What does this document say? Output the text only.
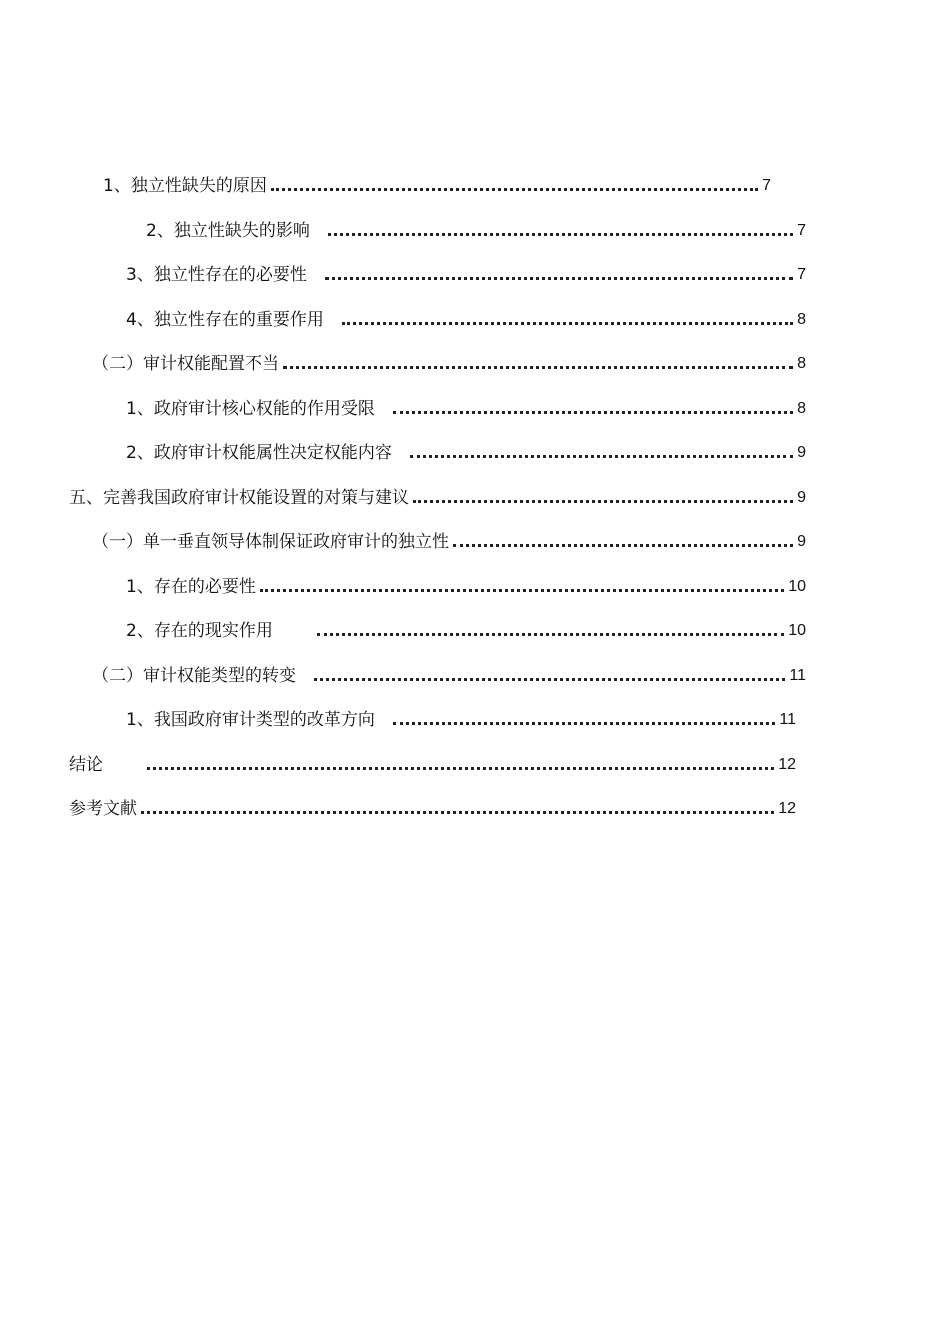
1、独立性缺失的原因	7
2、独立性缺失的影响	7
3、独立性存在的必要性	7
4、独立性存在的重要作用	8
（二）审计权能配置不当	8
1、政府审计核心权能的作用受限	8
2、政府审计权能属性决定权能内容	9
五、完善我国政府审计权能设置的对策与建议	9
（一）单一垂直领导体制保证政府审计的独立性	9
1、存在的必要性	10
2、存在的现实作用	10
（二）审计权能类型的转变	11
1、我国政府审计类型的改革方向	11
结论	12
参考文献	12
